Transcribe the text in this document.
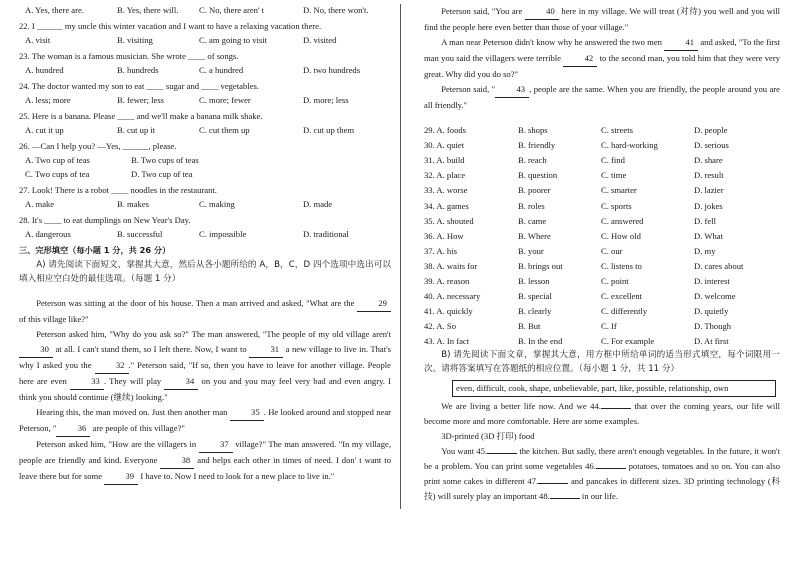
A. Yes, there are.	B. Yes, there will. C. No, there aren' t	D. No, there won't.
22. I ______ my uncle this winter vacation and I want to have a relaxing vacation there.
A. visit	B. visiting	C. am going to visit	D. visited
23. The woman is a famous musician. She wrote ____ of songs.
A. hundred	B. hundreds	C. a hundred	D. two hundreds
24. The doctor wanted my son to eat ____ sugar and ____ vegetables.
A. less; more	B. fewer; less	C. more; fewer	D. more; less
25. Here is a banana. Please ____ and we'll make a banana milk shake.
A. cut it up	B. cut up it	C. cut them up	D. cut up them
26. —Can I help you? —Yes, ______, please.
A. Two cup of teas	B. Two cups of teas
C. Two cups of tea	D. Two cup of tea
27. Look! There is a robot ____ noodles in the restaurant.
A. make	B. makes	C. making	D. made
28. It's ____ to eat dumplings on New Year's Day.
A. dangerous	B. successful	C. impossible	D. traditional
三、完形填空（每小题 1 分，共 26 分）

A) 请先阅读下面短文，掌握其大意，然后从各小题所给的 A，B，C，D 四个选项中选出可以填入相应空白处的最佳选项。（每题 1 分）

Peterson was sitting at the door of his house. Then a man arrived and asked, "What are the 29 of this village like?"

Peterson asked him, "Why do you ask so?" The man answered, "The people of my old village aren't 30 at all. I can't stand them, so I left there. Now, I want to 31 a new village to live in. That's why I asked you the 32 ." Peterson said, "If so, then you have to leave for another village. People here are even 33 . They will play 34 on you and you may feel very bad and even angry. I think you should continue (继续) looking."

Hearing this, the man moved on. Just then another man 35 . He looked around and stopped near Peterson, " 36 are people of this village?"

Peterson asked him, "How are the villagers in 37 village?" The man answered. "In my village, people are friendly and kind. Everyone 38 and helps each other in times of need. I don' t want to leave there but for some 39 I have to. Now I need to look for a new place to live in."

Peterson said, "You are 40 here in my village. We will treat (对待) you well and you will find the people here even better than those of your village."

A man near Peterson didn't know why he answered the two men 41 and asked, "To the first man you said the villagers were terrible 42 to the second man, you told him that they were very great. Why did you do so?"

Peterson said, " 43 , people are the same. When you are friendly, the people around you are all friendly."

29. A. foods	B. shops	C. streets	D. people
30. A. quiet	B. friendly	C. hard-working	D. serious
31. A. build	B. reach	C. find	D. share
32. A. place	B. question	C. time	D. result
33. A. worse	B. poorer	C. smarter	D. lazier
34. A. games	B. roles	C. sports	D. jokes
35. A. shouted	B. came	C. answered	D. fell
36. A. How	B. Where	C. How old	D. What
37. A. his	B. your	C. our	D. my
38. A. waits for	B. brings out	C. listens to	D. cares about
39. A. reason	B. lesson	C. point	D. interest
40. A. necessary	B. special	C. excellent	D. welcome
41. A. quickly	B. clearly	C. differently	D. quietly
42. A. So	B. But	C. If	D. Though
43. A. In fact	B. In the end	C. For example	D. At first

B) 请先阅读下面文章，掌握其大意，用方框中所给单词的适当形式填空，每个词限用一次。请将答案填写在答题纸的相应位置。（每小题 1 分，共 11 分）

even, difficult, cook, shape, unbelievable, part, like, possible, relationship, own

We are living a better life now. And we 44.	that over the coming years, our life will become more and more comfortable. Here are some examples.

3D-printed (3D 打印) food

You want 45.	the kitchen. But sadly, there aren't enough vegetables. In the future, it won't be a problem. You can print some vegetables 46.	potatoes, tomatoes and so on. You can also print some cakes in different 47.	and pancakes in different sizes. 3D printing technology (科技) will surely play an important 48.	in our life.
